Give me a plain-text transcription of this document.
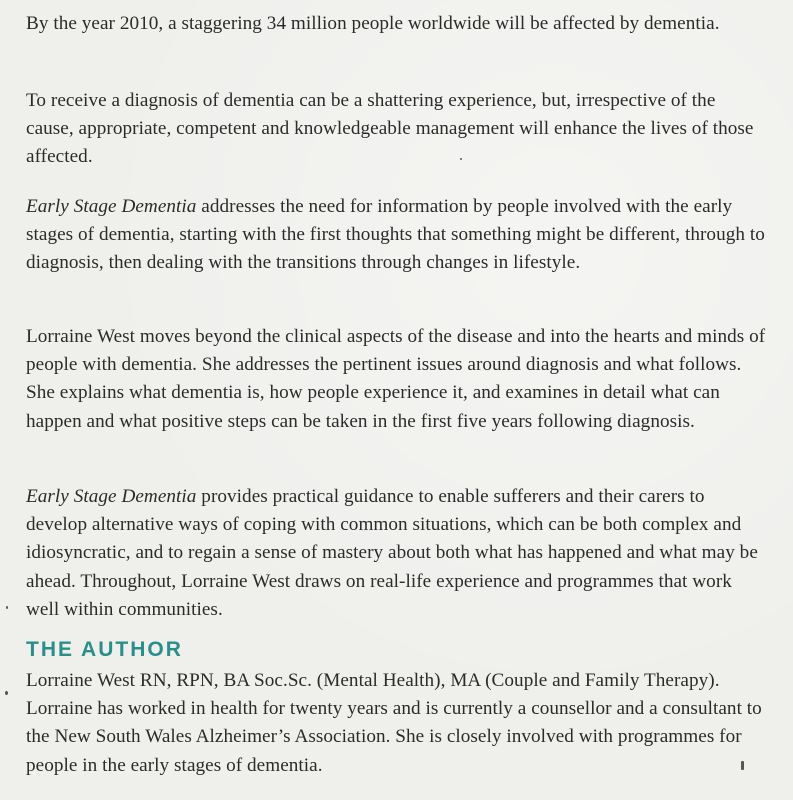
By the year 2010, a staggering 34 million people worldwide will be affected by dementia.

To receive a diagnosis of dementia can be a shattering experience, but, irrespective of the cause, appropriate, competent and knowledgeable management will enhance the lives of those affected.

Early Stage Dementia addresses the need for information by people involved with the early stages of dementia, starting with the first thoughts that something might be different, through to diagnosis, then dealing with the transitions through changes in lifestyle.

Lorraine West moves beyond the clinical aspects of the disease and into the hearts and minds of people with dementia. She addresses the pertinent issues around diagnosis and what follows. She explains what dementia is, how people experience it, and examines in detail what can happen and what positive steps can be taken in the first five years following diagnosis.

Early Stage Dementia provides practical guidance to enable sufferers and their carers to develop alternative ways of coping with common situations, which can be both complex and idiosyncratic, and to regain a sense of mastery about both what has happened and what may be ahead. Throughout, Lorraine West draws on real-life experience and programmes that work well within communities.

THE AUTHOR

Lorraine West RN, RPN, BA Soc.Sc. (Mental Health), MA (Couple and Family Therapy). Lorraine has worked in health for twenty years and is currently a counsellor and a consultant to the New South Wales Alzheimer’s Association. She is closely involved with programmes for people in the early stages of dementia.
